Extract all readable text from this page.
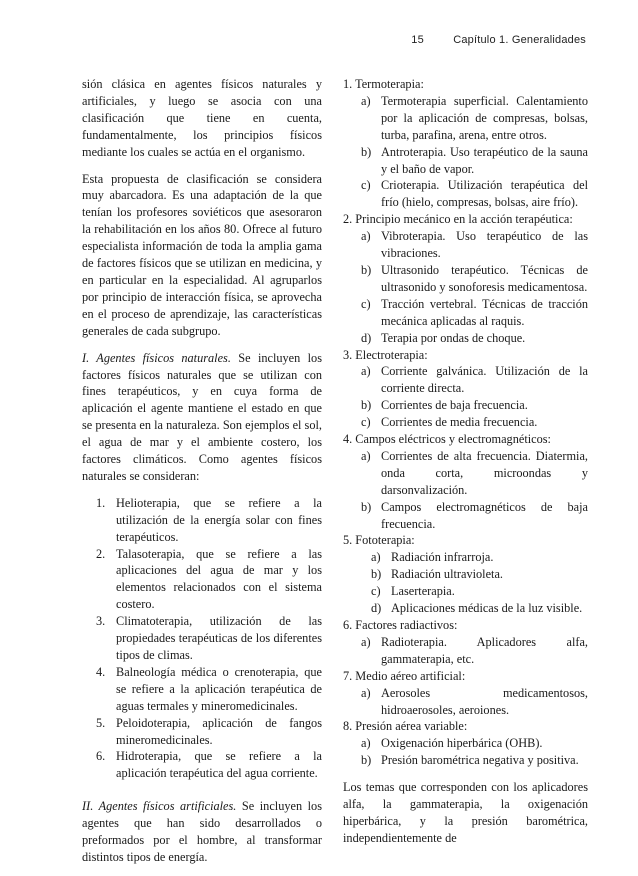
15	Capítulo 1. Generalidades

sión clásica en agentes físicos naturales y artificiales, y luego se asocia con una clasificación que tiene en cuenta, fundamentalmente, los principios físicos mediante los cuales se actúa en el organismo.

Esta propuesta de clasificación se considera muy abarcadora. Es una adaptación de la que tenían los profesores soviéticos que asesoraron la rehabilitación en los años 80. Ofrece al futuro especialista información de toda la amplia gama de factores físicos que se utilizan en medicina, y en particular en la especialidad. Al agruparlos por principio de interacción física, se aprovecha en el proceso de aprendizaje, las características generales de cada subgrupo.

I. Agentes físicos naturales. Se incluyen los factores físicos naturales que se utilizan con fines terapéuticos, y en cuya forma de aplicación el agente mantiene el estado en que se presenta en la naturaleza. Son ejemplos el sol, el agua de mar y el ambiente costero, los factores climáticos. Como agentes físicos naturales se consideran:

1. Helioterapia, que se refiere a la utilización de la energía solar con fines terapéuticos.
2. Talasoterapia, que se refiere a las aplicaciones del agua de mar y los elementos relacionados con el sistema costero.
3. Climatoterapia, utilización de las propiedades terapéuticas de los diferentes tipos de climas.
4. Balneología médica o crenoterapia, que se refiere a la aplicación terapéutica de aguas termales y mineromedicinales.
5. Peloidoterapia, aplicación de fangos mineromedicinales.
6. Hidroterapia, que se refiere a la aplicación terapéutica del agua corriente.

II. Agentes físicos artificiales. Se incluyen los agentes que han sido desarrollados o preformados por el hombre, al transformar distintos tipos de energía.

1. Termoterapia:
a) Termoterapia superficial. Calentamiento por la aplicación de compresas, bolsas, turba, parafina, arena, entre otros.
b) Antroterapia. Uso terapéutico de la sauna y el baño de vapor.
c) Crioterapia. Utilización terapéutica del frío (hielo, compresas, bolsas, aire frío).
2. Principio mecánico en la acción terapéutica:
a) Vibroterapia. Uso terapéutico de las vibraciones.
b) Ultrasonido terapéutico. Técnicas de ultrasonido y sonoforesis medicamentosa.
c) Tracción vertebral. Técnicas de tracción mecánica aplicadas al raquis.
d) Terapia por ondas de choque.
3. Electroterapia:
a) Corriente galvánica. Utilización de la corriente directa.
b) Corrientes de baja frecuencia.
c) Corrientes de media frecuencia.
4. Campos eléctricos y electromagnéticos:
a) Corrientes de alta frecuencia. Diatermia, onda corta, microondas y darsonvalización.
b) Campos electromagnéticos de baja frecuencia.
5. Fototerapia:
a) Radiación infrarroja.
b) Radiación ultravioleta.
c) Laserterapia.
d) Aplicaciones médicas de la luz visible.
6. Factores radiactivos:
a) Radioterapia. Aplicadores alfa, gammaterapia, etc.
7. Medio aéreo artificial:
a) Aerosoles medicamentosos, hidroaerosoles, aeroiones.
8. Presión aérea variable:
a) Oxigenación hiperbárica (OHB).
b) Presión barométrica negativa y positiva.

Los temas que corresponden con los aplicadores alfa, la gammaterapia, la oxigenación hiperbárica, y la presión barométrica, independientemente de
